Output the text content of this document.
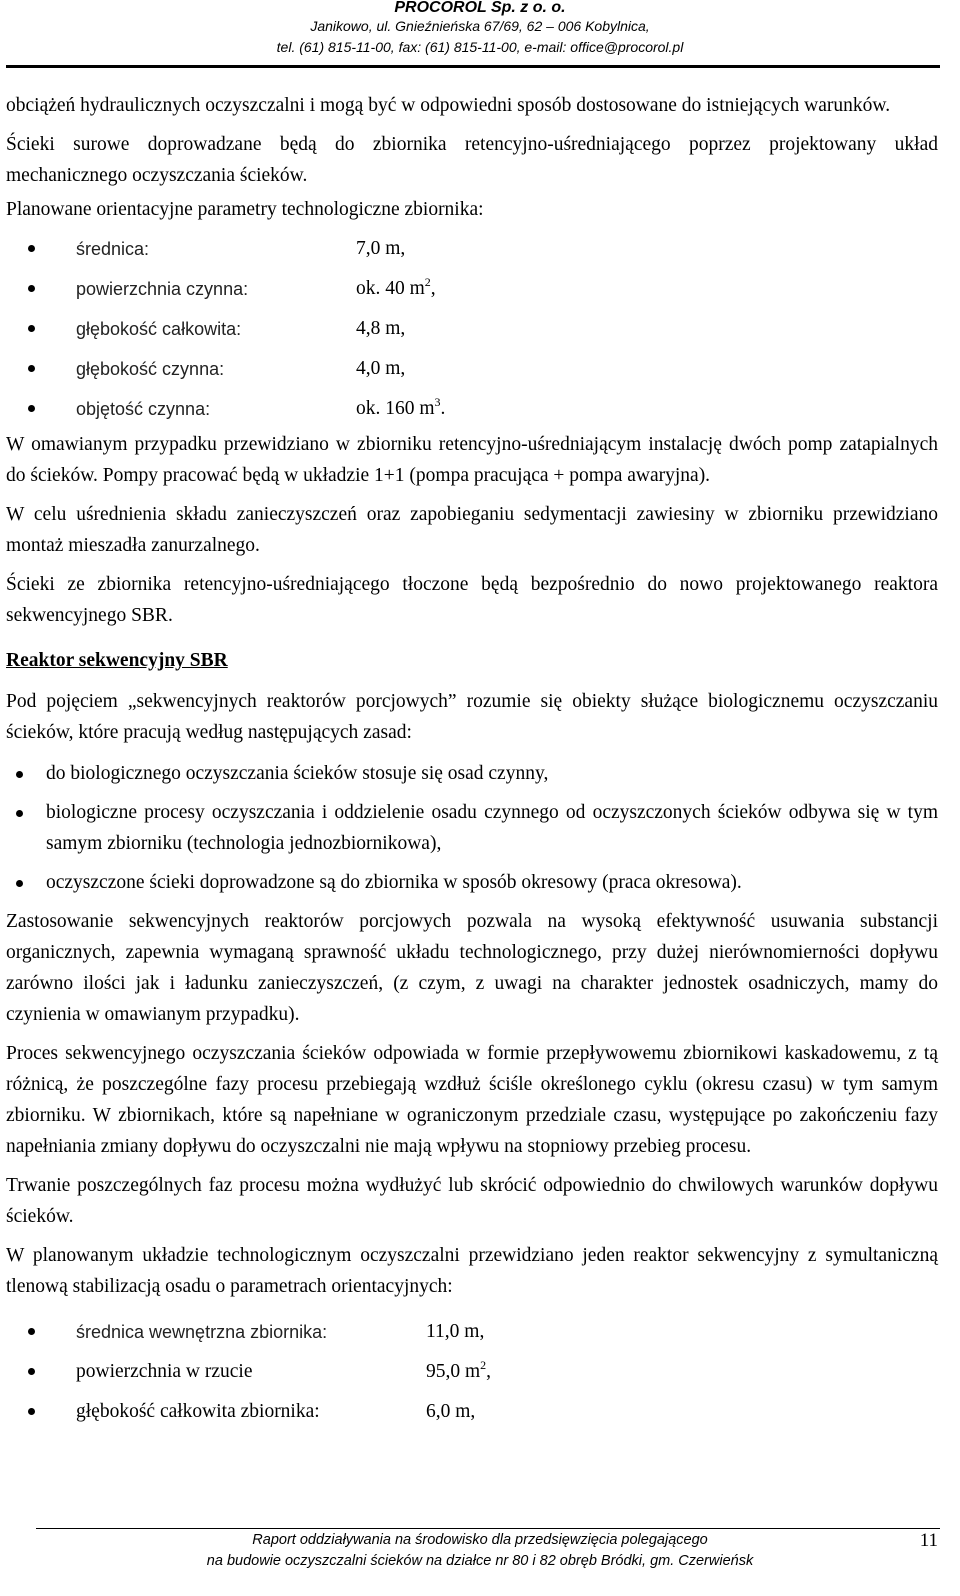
PROCOROL Sp. z o. o.
Janikowo, ul. Gnieźnieńska 67/69, 62 – 006 Kobylnica,
tel. (61) 815-11-00, fax: (61) 815-11-00, e-mail: office@procorol.pl

obciążeń hydraulicznych oczyszczalni i mogą być w odpowiedni sposób dostosowane do istniejących warunków.

Ścieki surowe doprowadzane będą do zbiornika retencyjno-uśredniającego poprzez projektowany układ mechanicznego oczyszczania ścieków.

Planowane orientacyjne parametry technologiczne zbiornika:

średnica:	7,0 m,
powierzchnia czynna:	ok. 40 $m^2$,
głębokość całkowita:	4,8 m,
głębokość czynna:	4,0 m,
objętość czynna:	ok. 160 $m^3$.

W omawianym przypadku przewidziano w zbiorniku retencyjno-uśredniającym instalację dwóch pomp zatapialnych do ścieków. Pompy pracować będą w układzie 1+1 (pompa pracująca + pompa awaryjna).

W celu uśrednienia składu zanieczyszczeń oraz zapobieganiu sedymentacji zawiesiny w zbiorniku przewidziano montaż mieszadła zanurzalnego.

Ścieki ze zbiornika retencyjno-uśredniającego tłoczone będą bezpośrednio do nowo projektowanego reaktora sekwencyjnego SBR.

Reaktor sekwencyjny SBR

Pod pojęciem „sekwencyjnych reaktorów porcjowych” rozumie się obiekty służące biologicznemu oczyszczaniu ścieków, które pracują według następujących zasad:

do biologicznego oczyszczania ścieków stosuje się osad czynny,
biologiczne procesy oczyszczania i oddzielenie osadu czynnego od oczyszczonych ścieków odbywa się w tym samym zbiorniku (technologia jednozbiornikowa),
oczyszczone ścieki doprowadzone są do zbiornika w sposób okresowy (praca okresowa).

Zastosowanie sekwencyjnych reaktorów porcjowych pozwala na wysoką efektywność usuwania substancji organicznych, zapewnia wymaganą sprawność układu technologicznego, przy dużej nierównomierności dopływu zarówno ilości jak i ładunku zanieczyszczeń, (z czym, z uwagi na charakter jednostek osadniczych, mamy do czynienia w omawianym przypadku).

Proces sekwencyjnego oczyszczania ścieków odpowiada w formie przepływowemu zbiornikowi kaskadowemu, z tą różnicą, że poszczególne fazy procesu przebiegają wzdłuż ściśle określonego cyklu (okresu czasu) w tym samym zbiorniku. W zbiornikach, które są napełniane w ograniczonym przedziale czasu, występujące po zakończeniu fazy napełniania zmiany dopływu do oczyszczalni nie mają wpływu na stopniowy przebieg procesu.

Trwanie poszczególnych faz procesu można wydłużyć lub skrócić odpowiednio do chwilowych warunków dopływu ścieków.

W planowanym układzie technologicznym oczyszczalni przewidziano jeden reaktor sekwencyjny z symultaniczną tlenową stabilizacją osadu o parametrach orientacyjnych:

średnica wewnętrzna zbiornika:	11,0 m,
powierzchnia w rzucie	95,0 $m^2$,
głębokość całkowita zbiornika:	6,0 m,
Raport oddziaływania na środowisko dla przedsięwzięcia polegającego
na budowie oczyszczalni ścieków na działce nr 80 i 82 obręb Bródki, gm. Czerwieńsk
11
